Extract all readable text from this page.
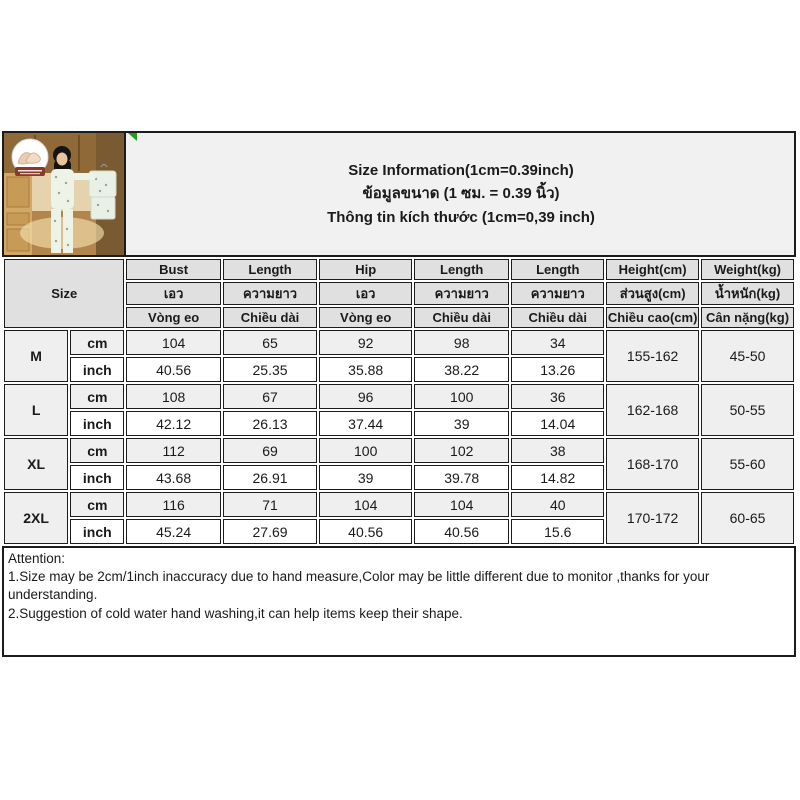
Size Information(1cm=0.39inch)
ข้อมูลขนาด (1 ซม. = 0.39 นิ้ว)
Thông tin kích thước (1cm=0,39 inch)
Size		Bust	Length	Hip	Length	Length	Height(cm)	Weight(kg)
		เอว	ความยาว	เอว	ความยาว	ความยาว	ส่วนสูง(cm)	น้ำหนัก(kg)
		Vòng eo	Chiều dài	Vòng eo	Chiều dài	Chiều dài	Chiều cao(cm)	Cân nặng(kg)
M	cm	104	65	92	98	34	155-162	45-50
	inch	40.56	25.35	35.88	38.22	13.26		
L	cm	108	67	96	100	36	162-168	50-55
	inch	42.12	26.13	37.44	39	14.04		
XL	cm	112	69	100	102	38	168-170	55-60
	inch	43.68	26.91	39	39.78	14.82		
2XL	cm	116	71	104	104	40	170-172	60-65
	inch	45.24	27.69	40.56	40.56	15.6		
Attention:
1.Size may be 2cm/1inch inaccuracy due to hand measure,Color may be little different due to monitor ,thanks for your understanding.
2.Suggestion of cold water hand washing,it can help items keep their shape.
